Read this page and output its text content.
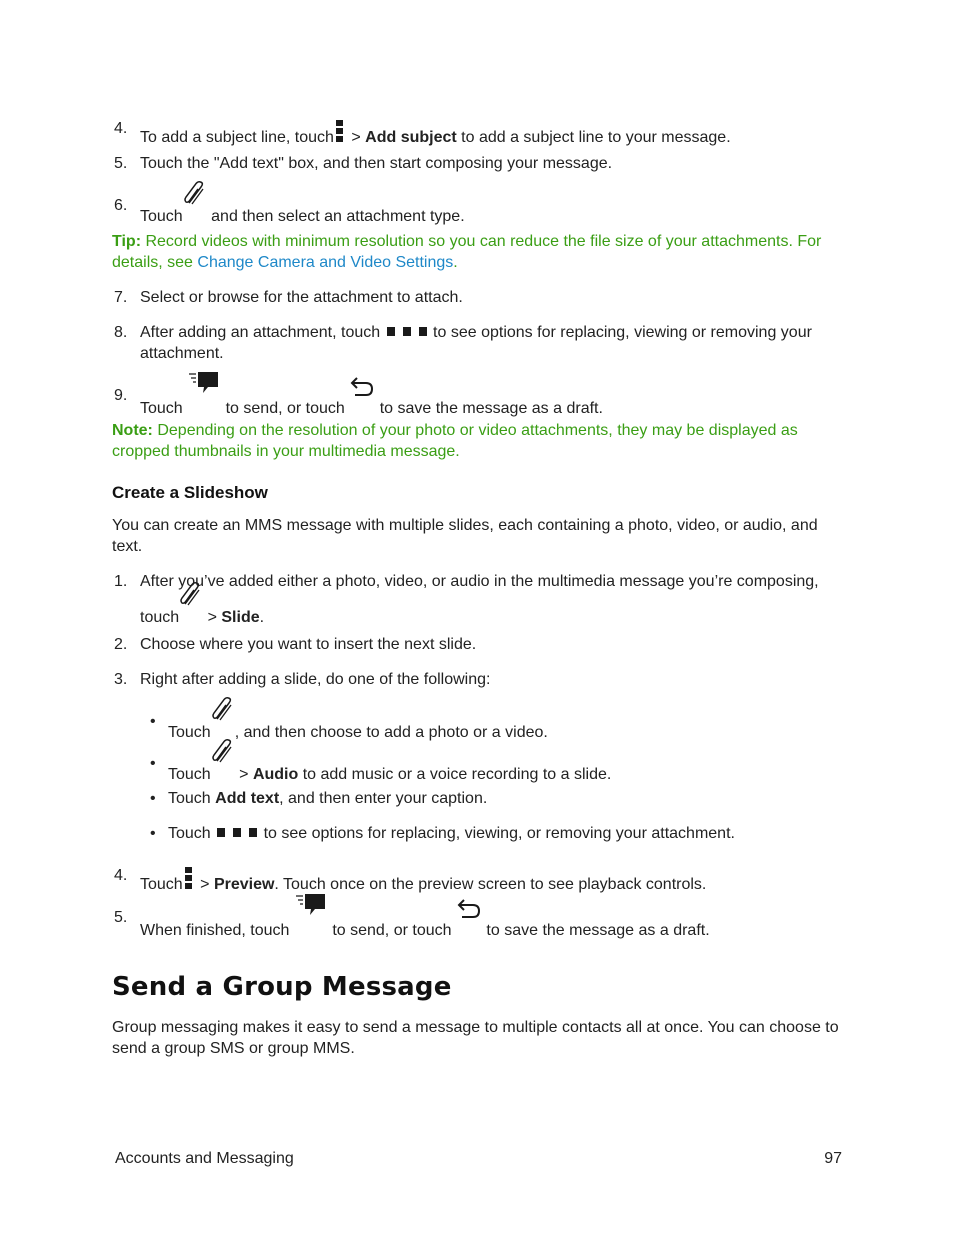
4.
To add a subject line, touch
> Add subject to add a subject line to your message.
5. Touch the "Add text" box, and then start composing your message.
6.
Touch
and then select an attachment type.
Tip: Record videos with minimum resolution so you can reduce the file size of your attachments. For details, see Change Camera and Video Settings.
7. Select or browse for the attachment to attach.
8. After adding an attachment, touch	to see options for replacing, viewing or removing your attachment.
9.
Touch
to send, or touch
to save the message as a draft.
Note: Depending on the resolution of your photo or video attachments, they may be displayed as cropped thumbnails in your multimedia message.
Create a Slideshow
You can create an MMS message with multiple slides, each containing a photo, video, or audio, and text.
1. After you’ve added either a photo, video, or audio in the multimedia message you’re composing, touch
> Slide.
2. Choose where you want to insert the next slide.
3. Right after adding a slide, do one of the following:
•
Touch , and then choose to add a photo or a video.
•
Touch
> Audio to add music or a voice recording to a slide.
• Touch Add text, and then enter your caption.
• Touch	to see options for replacing, viewing, or removing your attachment.
4.
Touch
> Preview. Touch once on the preview screen to see playback controls.
5.
When finished, touch
to send, or touch
to save the message as a draft.
Send a Group Message
Group messaging makes it easy to send a message to multiple contacts all at once. You can choose to send a group SMS or group MMS.
Accounts and Messaging	97
